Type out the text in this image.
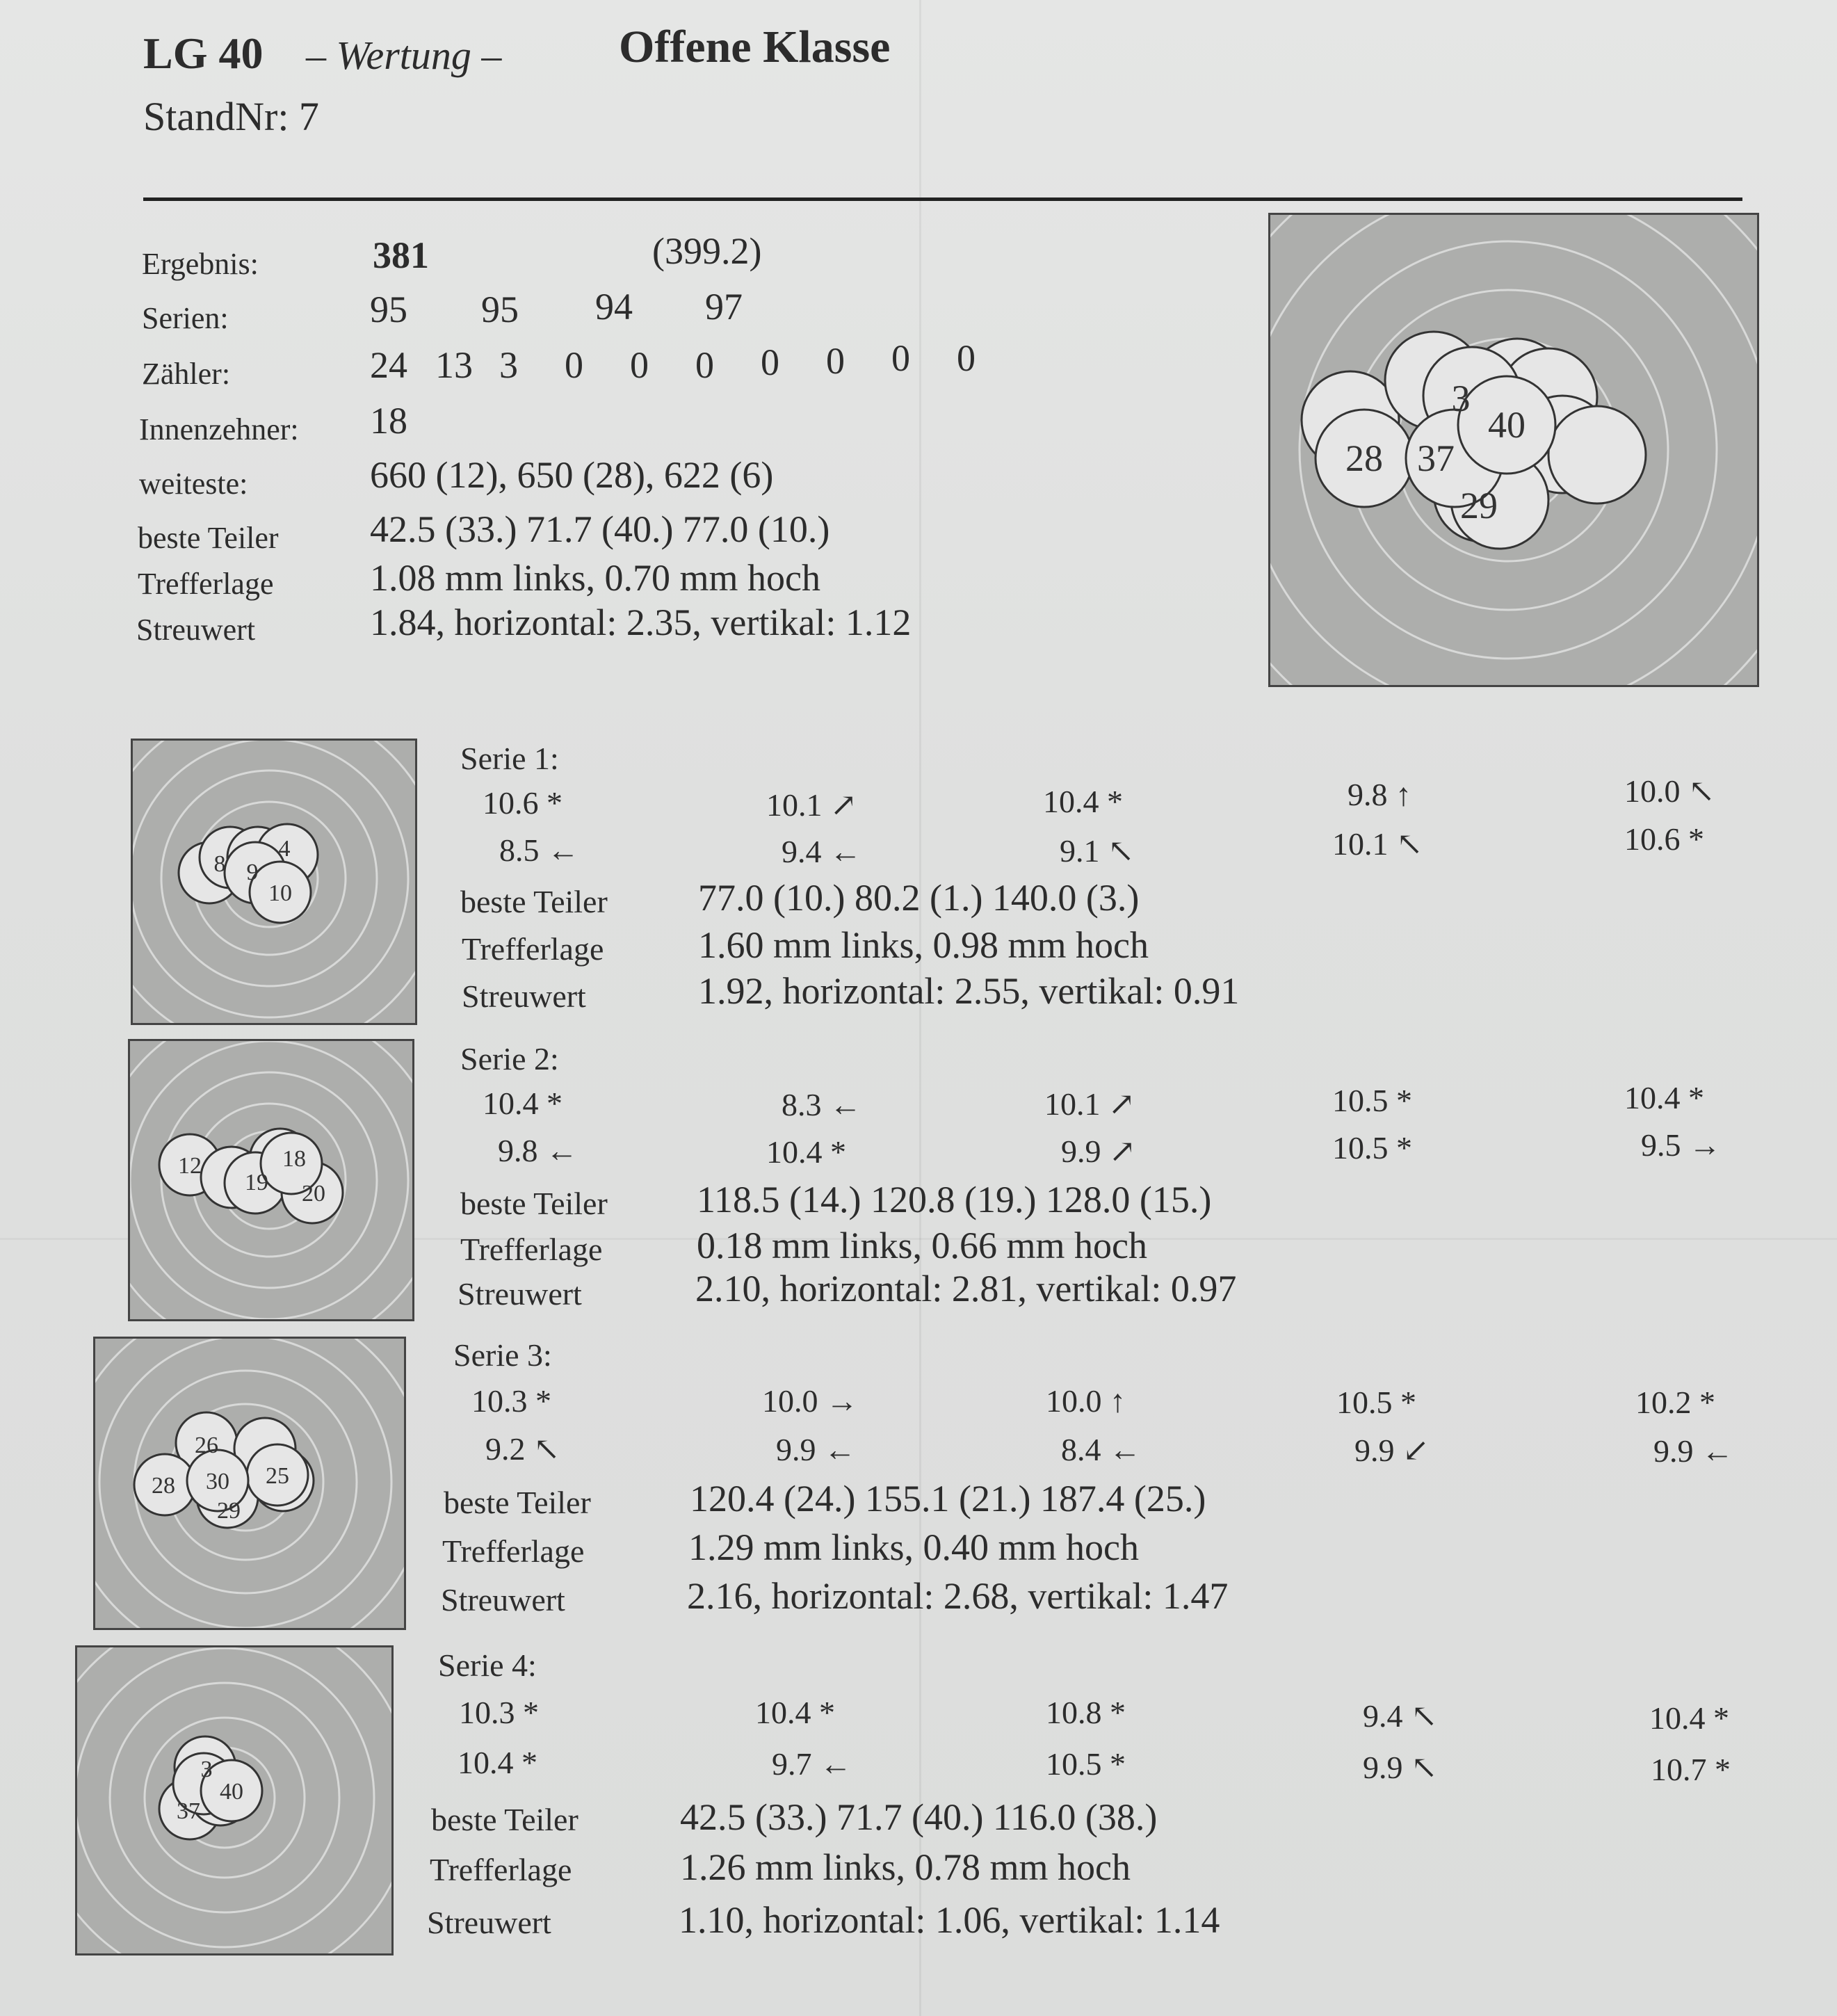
LG 40 – Wertung –	Offene Klasse
StandNr: 7
Ergebnis:	381	(399.2)
Serien:	95 95 94 97
Zähler:	24 13 3 0 0 0 0 0 0 0
Innenzehner: 18
weiteste:	660 (12), 650 (28), 622 (6)
beste Teiler 42.5 (33.) 71.7 (40.) 77.0 (10.)
Trefferlage	1.08 mm links, 0.70 mm hoch
Streuwert	1.84, horizontal: 2.35, vertikal: 1.12
28 37
40
3
29
8
4
9
10
Serie 1:
10.6 *	10.1 ↗	10.4 *	9.8 ↑	10.0 ↖
8.5 ←	9.4 ←	9.1 ↖	10.1 ↖	10.6 *
beste Teiler 77.0 (10.) 80.2 (1.) 140.0 (3.)
Trefferlage	1.60 mm links, 0.98 mm hoch
Streuwert	1.92, horizontal: 2.55, vertikal: 0.91
12	18
19 20
Serie 2:
10.4 *	8.3 ←	10.1 ↗	10.5 *	10.4 *
9.8 ←	10.4 *	9.9 ↗	10.5 *	9.5 →
beste Teiler 118.5 (14.) 120.8 (19.) 128.0 (15.)
Trefferlage	0.18 mm links, 0.66 mm hoch
Streuwert	2.10, horizontal: 2.81, vertikal: 0.97
26
28 30 25
29
Serie 3:
10.3 *	10.0 →	10.0 ↑	10.5 *	10.2 *
9.2 ↖	9.9 ←	8.4 ←	9.9 ↙	9.9 ←
beste Teiler	120.4 (24.) 155.1 (21.) 187.4 (25.)
Trefferlage	1.29 mm links, 0.40 mm hoch
Streuwert	2.16, horizontal: 2.68, vertikal: 1.47
3
37
40
Serie 4:
10.3 *	10.4 *	10.8 *	9.4 ↖	10.4 *
10.4 *	9.7 ←	10.5 *	9.9 ↖	10.7 *
beste Teiler	42.5 (33.) 71.7 (40.) 116.0 (38.)
Trefferlage	1.26 mm links, 0.78 mm hoch
Streuwert	1.10, horizontal: 1.06, vertikal: 1.14
